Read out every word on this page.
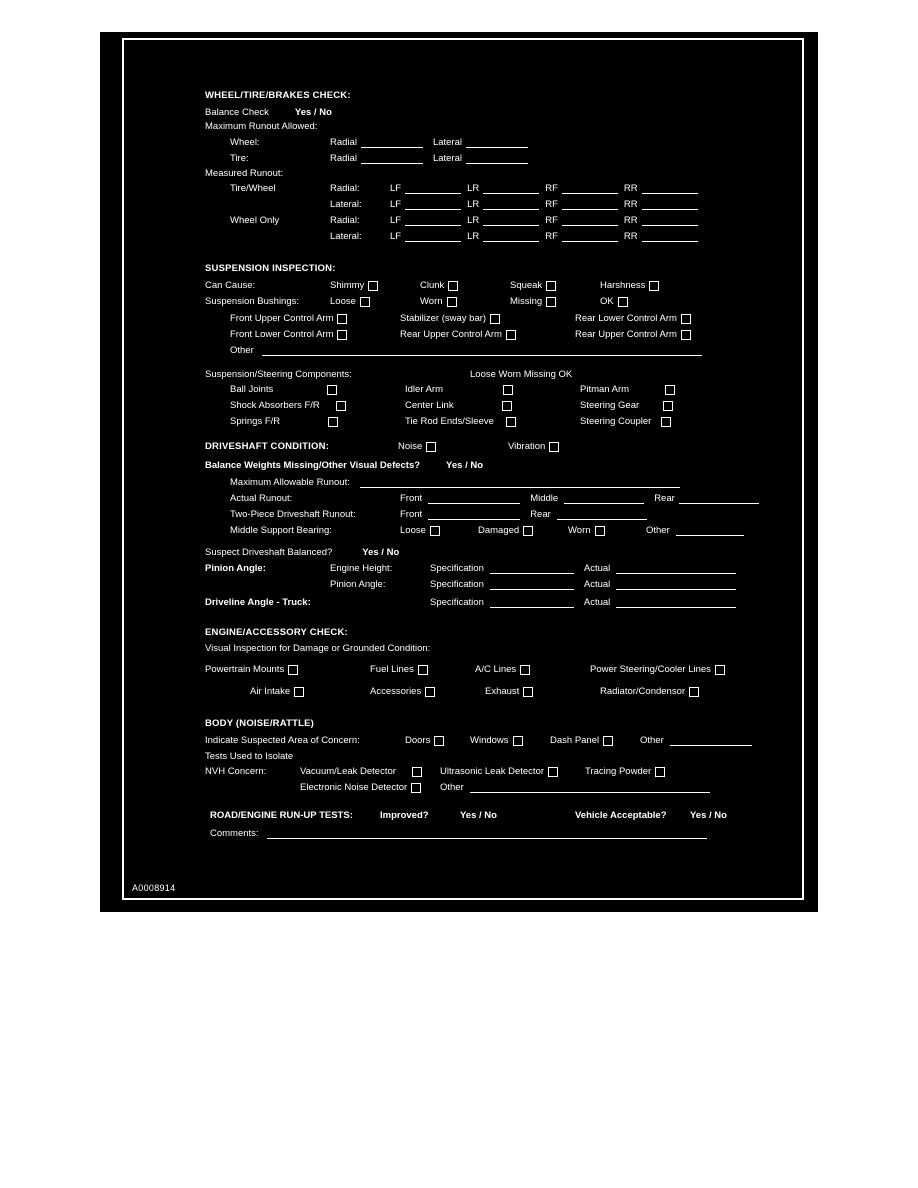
WHEEL/TIRE/BRAKES CHECK:
Balance Check	Yes / No
Maximum Runout Allowed:
Wheel:	Radial	Lateral
Tire:	Radial	Lateral
Measured Runout:
Tire/Wheel	Radial:	LF	LR	RF	RR
Lateral:	LF	LR	RF	RR
Wheel Only	Radial:	LF	LR	RF	RR
Lateral:	LF	LR	RF	RR
SUSPENSION INSPECTION:
Can Cause:	Shimmy	Clunk	Squeak	Harshness
Suspension Bushings:	Loose	Worn	Missing	OK
Front Upper Control Arm	Stabilizer (sway bar)	Rear Lower Control Arm
Front Lower Control Arm	Rear Upper Control Arm	Rear Upper Control Arm
Other
Suspension/Steering Components:	Loose Worn Missing OK
Ball Joints	Idler Arm	Pitman Arm
Shock Absorbers F/R	Center Link	Steering Gear
Springs F/R	Tie Rod Ends/Sleeve	Steering Coupler
DRIVESHAFT CONDITION:	Noise	Vibration
Balance Weights Missing/Other Visual Defects?	Yes / No
Maximum Allowable Runout:
Actual Runout:	Front	Middle	Rear
Two-Piece Driveshaft Runout:	Front	Rear
Middle Support Bearing:	Loose	Damaged	Worn	Other
Suspect Driveshaft Balanced?	Yes / No
Pinion Angle:	Engine Height:	Specification	Actual
Pinion Angle:	Specification	Actual
Driveline Angle - Truck:	Specification	Actual
ENGINE/ACCESSORY CHECK:
Visual Inspection for Damage or Grounded Condition:
Powertrain Mounts	Fuel Lines	A/C Lines	Power Steering/Cooler Lines
Air Intake	Accessories	Exhaust	Radiator/Condensor
BODY (NOISE/RATTLE)
Indicate Suspected Area of Concern:	Doors	Windows	Dash Panel	Other
Tests Used to Isolate
NVH Concern:	Vacuum/Leak Detector	Ultrasonic Leak Detector	Tracing Powder
Electronic Noise Detector	Other
ROAD/ENGINE RUN-UP TESTS:	Improved?	Yes / No	Vehicle Acceptable?	Yes / No
Comments:
A0008914
